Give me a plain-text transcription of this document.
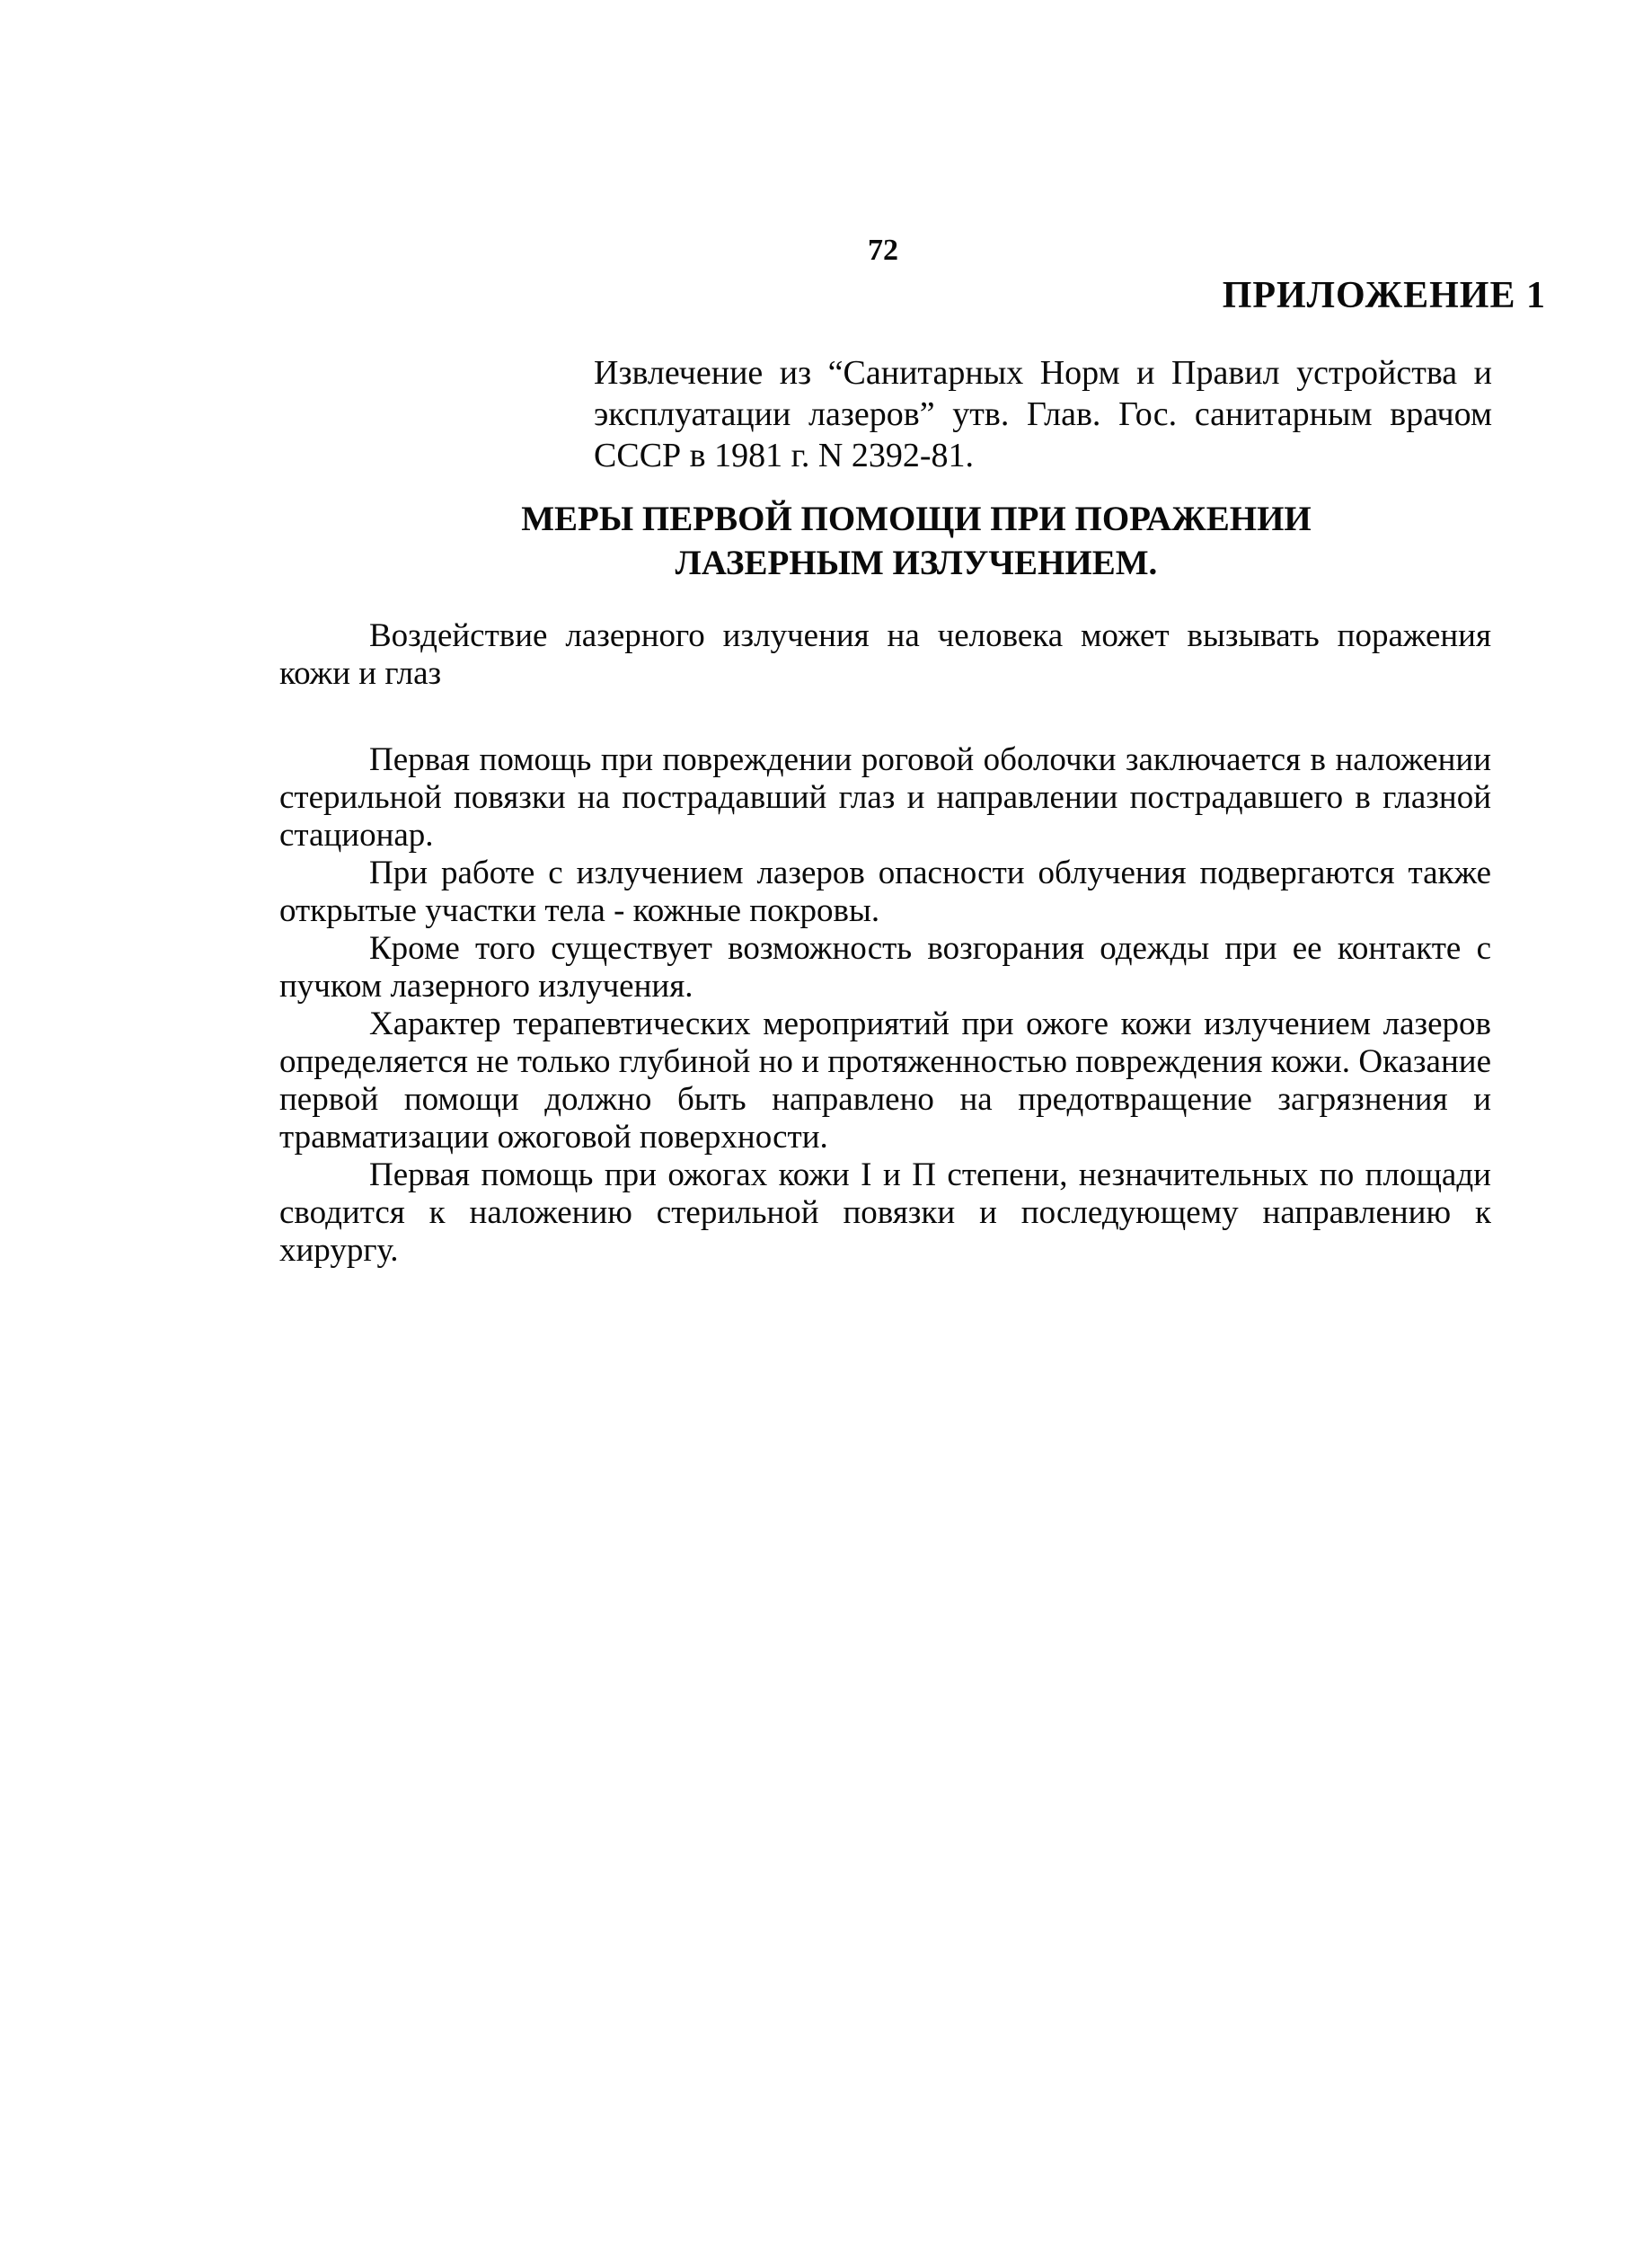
72

ПРИЛОЖЕНИЕ 1

Извлечение из “Санитарных Норм и Правил устройства и эксплуатации лазеров” утв. Глав. Гос. санитарным врачом СССР в 1981 г. N 2392-81.

МЕРЫ ПЕРВОЙ ПОМОЩИ ПРИ ПОРАЖЕНИИ
ЛАЗЕРНЫМ ИЗЛУЧЕНИЕМ.

Воздействие лазерного излучения на человека может вызывать поражения кожи и глаз

Первая помощь при повреждении роговой оболочки заключается в наложении стерильной повязки на пострадавший глаз и направлении пострадавшего в глазной стационар.

При работе с излучением лазеров опасности облучения подвергаются также открытые участки тела - кожные покровы.

Кроме того существует возможность возгорания одежды при ее контакте с пучком лазерного излучения.

Характер терапевтических мероприятий при ожоге кожи излучением лазеров определяется не только глубиной но и протяженностью повреждения кожи. Оказание первой помощи должно быть направлено на предотвращение загрязнения и травматизации ожоговой поверхности.

Первая помощь при ожогах кожи I и П степени, незначительных по площади сводится к наложению стерильной повязки и последующему направлению к хирургу.
